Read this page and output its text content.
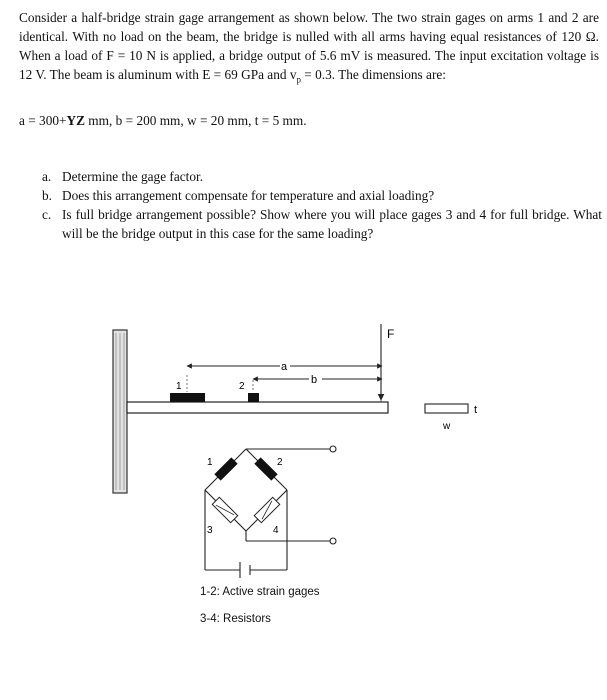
Consider a half-bridge strain gage arrangement as shown below. The two strain gages on arms 1 and 2 are identical. With no load on the beam, the bridge is nulled with all arms having equal resistances of 120 Ω. When a load of F = 10 N is applied, a bridge output of 5.6 mV is measured. The input excitation voltage is 12 V. The beam is aluminum with E = 69 GPa and $v_p = 0.3$. The dimensions are:
a = 300+YZ mm, b = 200 mm, w = 20 mm, t = 5 mm.
a. Determine the gage factor.
b. Does this arrangement compensate for temperature and axial loading?
c. Is full bridge arrangement possible? Show where you will place gages 3 and 4 for full bridge. What will be the bridge output in this case for the same loading?
1	2
a
b
F
t
w
1	2
3	4
1-2: Active strain gages
3-4: Resistors
